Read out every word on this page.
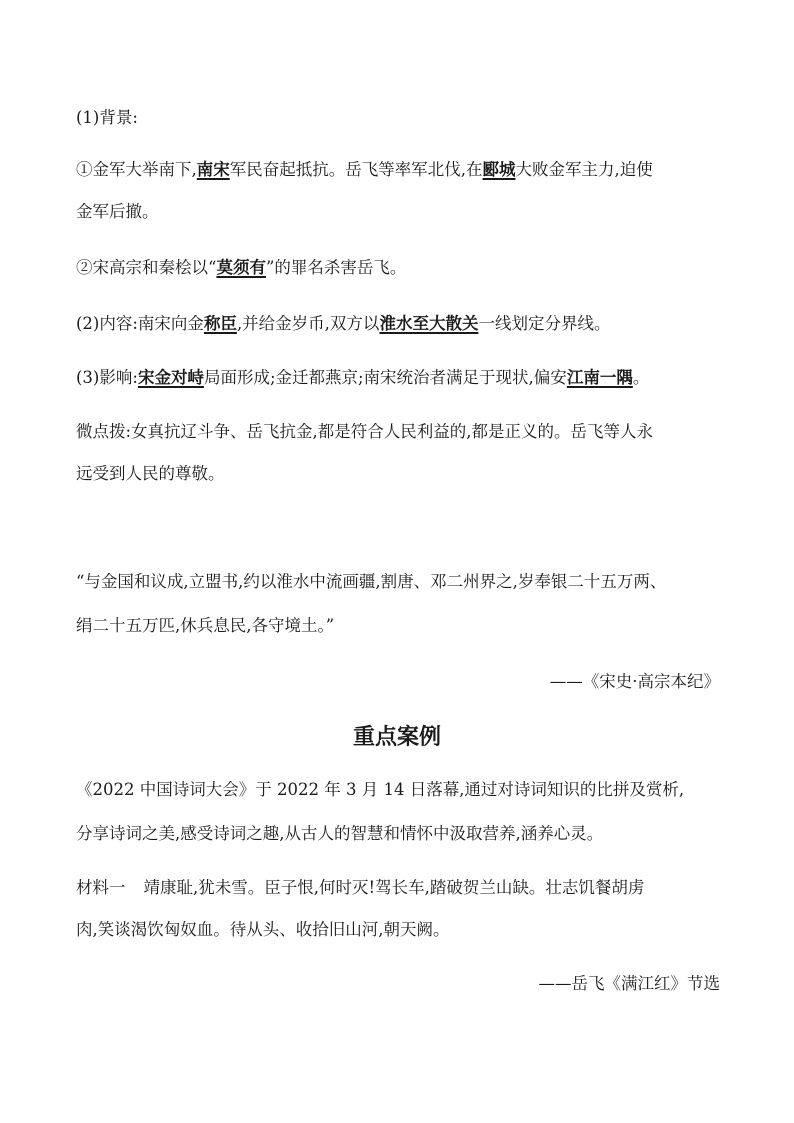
(1)背景:
①金军大举南下,南宋军民奋起抵抗。岳飞等率军北伐,在郾城大败金军主力,迫使
金军后撤。
②宋高宗和秦桧以“莫须有”的罪名杀害岳飞。
(2)内容:南宋向金称臣,并给金岁币,双方以淮水至大散关一线划定分界线。
(3)影响:宋金对峙局面形成;金迁都燕京;南宋统治者满足于现状,偏安江南一隅。
微点拨:女真抗辽斗争、岳飞抗金,都是符合人民利益的,都是正义的。岳飞等人永
远受到人民的尊敬。
“与金国和议成,立盟书,约以淮水中流画疆,割唐、邓二州界之,岁奉银二十五万两、
绢二十五万匹,休兵息民,各守境土。”
——《宋史·高宗本纪》
重点案例
《2022 中国诗词大会》于 2022 年 3 月 14 日落幕,通过对诗词知识的比拼及赏析,
分享诗词之美,感受诗词之趣,从古人的智慧和情怀中汲取营养,涵养心灵。
材料一 靖康耻,犹未雪。臣子恨,何时灭!驾长车,踏破贺兰山缺。壮志饥餐胡虏
肉,笑谈渴饮匈奴血。待从头、收拾旧山河,朝天阙。
——岳飞《满江红》节选
